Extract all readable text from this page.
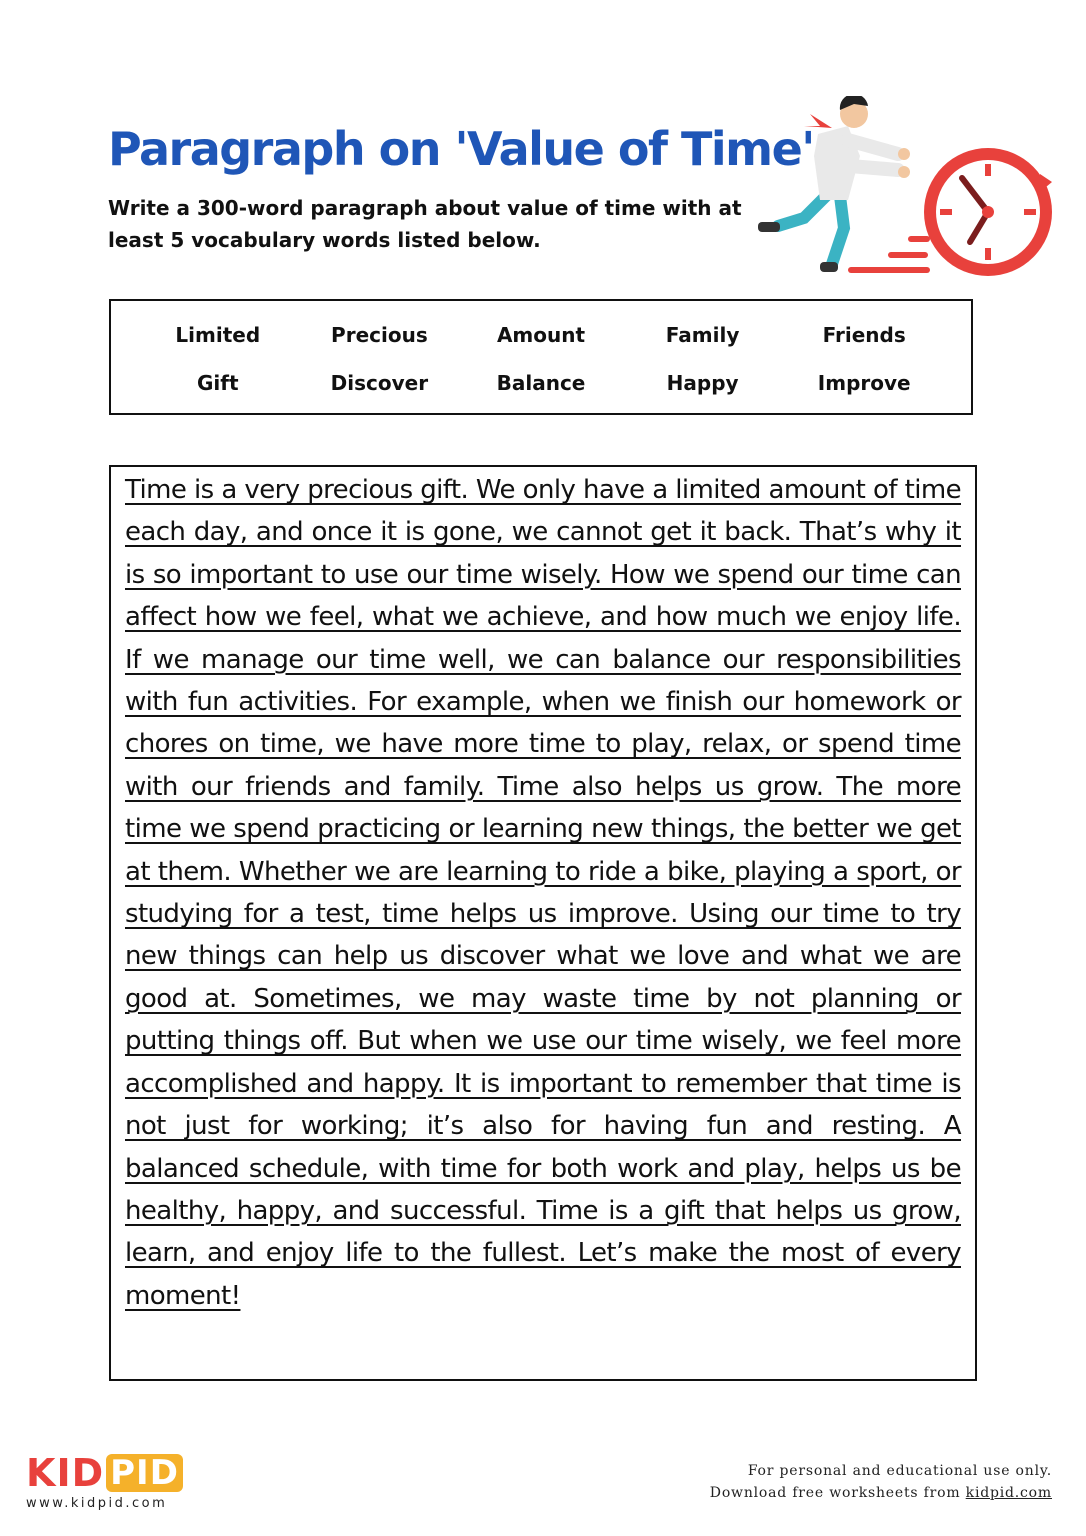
Paragraph on 'Value of Time'

Write a 300-word paragraph about value of time with at least 5 vocabulary words listed below.

Limited	Precious	Amount	Family	Friends
Gift	Discover	Balance	Happy	Improve

Time is a very precious gift. We only have a limited amount of time each day, and once it is gone, we cannot get it back. That’s why it is so important to use our time wisely. How we spend our time can affect how we feel, what we achieve, and how much we enjoy life. If we manage our time well, we can balance our responsibilities with fun activities. For example, when we finish our homework or chores on time, we have more time to play, relax, or spend time with our friends and family. Time also helps us grow. The more time we spend practicing or learning new things, the better we get at them. Whether we are learning to ride a bike, playing a sport, or studying for a test, time helps us improve. Using our time to try new things can help us discover what we love and what we are good at. Sometimes, we may waste time by not planning or putting things off. But when we use our time wisely, we feel more accomplished and happy. It is important to remember that time is not just for working; it’s also for having fun and resting. A balanced schedule, with time for both work and play, helps us be healthy, happy, and successful. Time is a gift that helps us grow, learn, and enjoy life to the fullest. Let’s make the most of every moment!

KID PID
www.kidpid.com
For personal and educational use only.
Download free worksheets from kidpid.com
